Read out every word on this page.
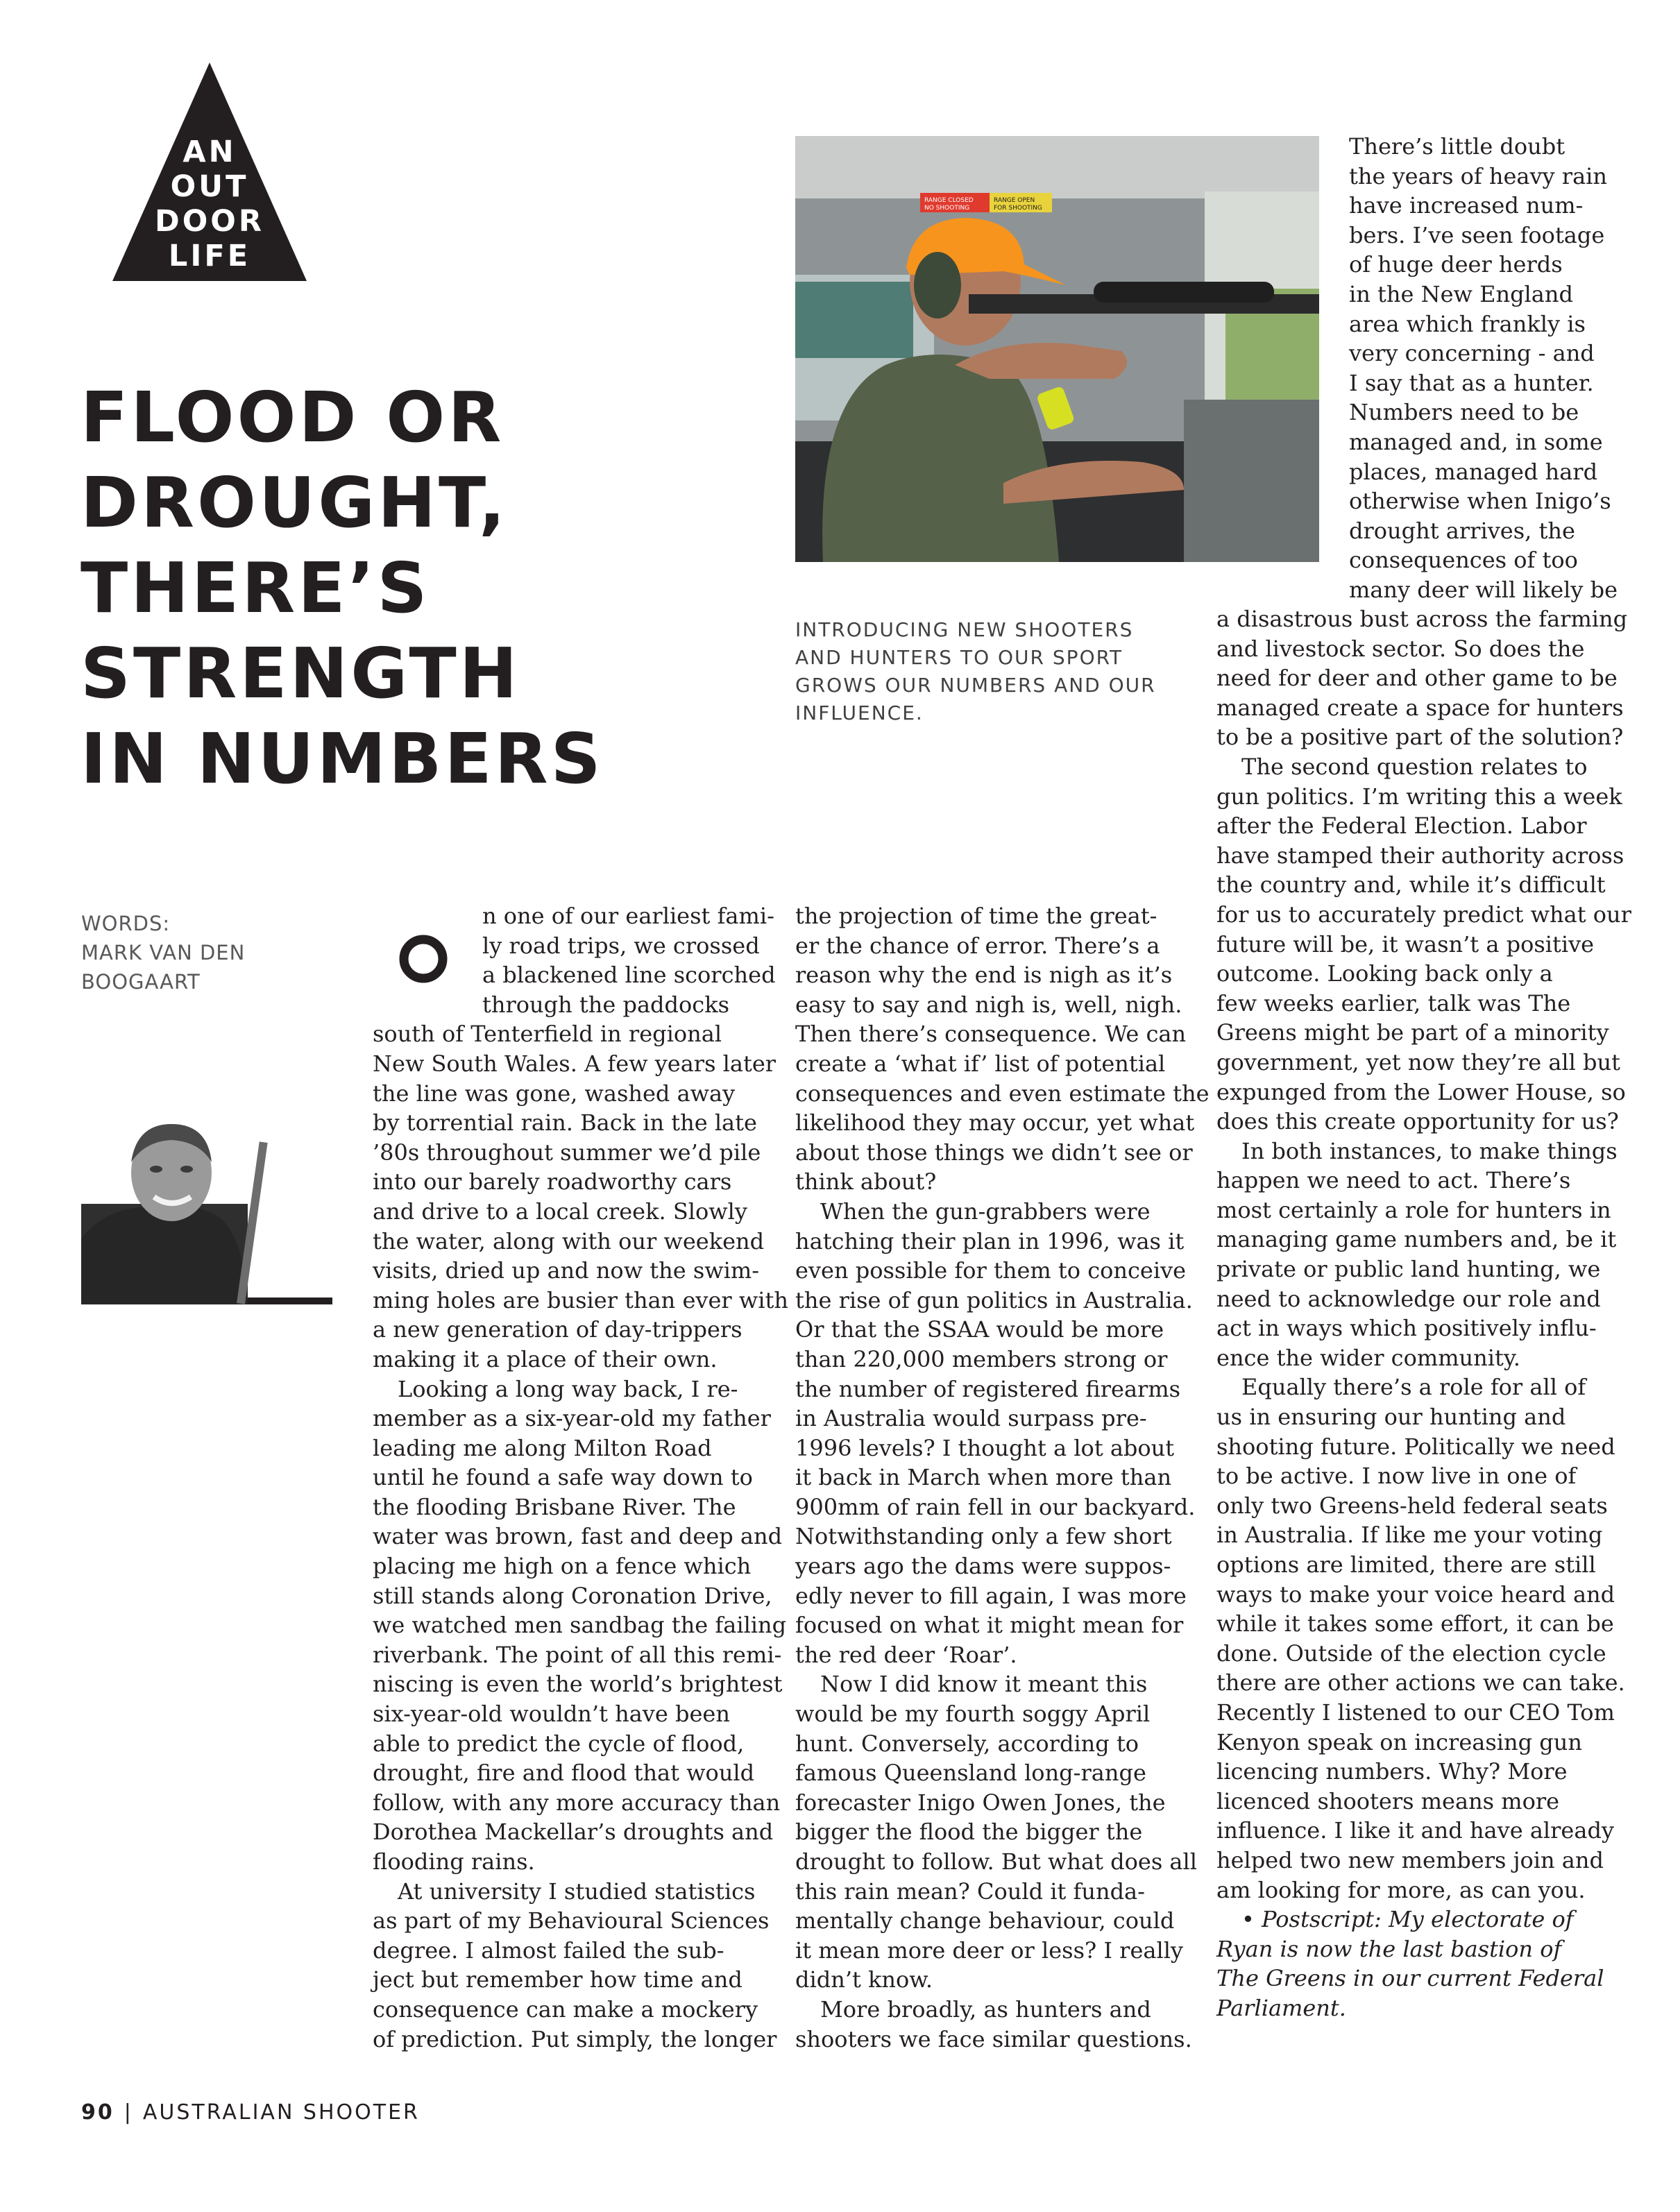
AN
OUT
DOOR
LIFE
FLOOD OR
DROUGHT,
THERE’S
STRENGTH
IN NUMBERS
WORDS:
MARK VAN DEN
BOOGAART
RANGE CLOSED
NO SHOOTING
RANGE OPEN
FOR SHOOTING
INTRODUCING NEW SHOOTERS
AND HUNTERS TO OUR SPORT
GROWS OUR NUMBERS AND OUR
INFLUENCE.
O
n one of our earliest fami-
ly road trips, we crossed
a blackened line scorched
through the paddocks
south of Tenterfield in regional
New South Wales. A few years later
the line was gone, washed away
by torrential rain. Back in the late
’80s throughout summer we’d pile
into our barely roadworthy cars
and drive to a local creek. Slowly
the water, along with our weekend
visits, dried up and now the swim-
ming holes are busier than ever with
a new generation of day-trippers
making it a place of their own.
Looking a long way back, I re-
member as a six-year-old my father
leading me along Milton Road
until he found a safe way down to
the flooding Brisbane River. The
water was brown, fast and deep and
placing me high on a fence which
still stands along Coronation Drive,
we watched men sandbag the failing
riverbank. The point of all this remi-
niscing is even the world’s brightest
six-year-old wouldn’t have been
able to predict the cycle of flood,
drought, fire and flood that would
follow, with any more accuracy than
Dorothea Mackellar’s droughts and
flooding rains.
At university I studied statistics
as part of my Behavioural Sciences
degree. I almost failed the sub-
ject but remember how time and
consequence can make a mockery
of prediction. Put simply, the longer
the projection of time the great-
er the chance of error. There’s a
reason why the end is nigh as it’s
easy to say and nigh is, well, nigh.
Then there’s consequence. We can
create a ‘what if’ list of potential
consequences and even estimate the
likelihood they may occur, yet what
about those things we didn’t see or
think about?
When the gun-grabbers were
hatching their plan in 1996, was it
even possible for them to conceive
the rise of gun politics in Australia.
Or that the SSAA would be more
than 220,000 members strong or
the number of registered firearms
in Australia would surpass pre-
1996 levels? I thought a lot about
it back in March when more than
900mm of rain fell in our backyard.
Notwithstanding only a few short
years ago the dams were suppos-
edly never to fill again, I was more
focused on what it might mean for
the red deer ‘Roar’.
Now I did know it meant this
would be my fourth soggy April
hunt. Conversely, according to
famous Queensland long-range
forecaster Inigo Owen Jones, the
bigger the flood the bigger the
drought to follow. But what does all
this rain mean? Could it funda-
mentally change behaviour, could
it mean more deer or less? I really
didn’t know.
More broadly, as hunters and
shooters we face similar questions.
There’s little doubt
the years of heavy rain
have increased num-
bers. I’ve seen footage
of huge deer herds
in the New England
area which frankly is
very concerning - and
I say that as a hunter.
Numbers need to be
managed and, in some
places, managed hard
otherwise when Inigo’s
drought arrives, the
consequences of too
many deer will likely be
a disastrous bust across the farming
and livestock sector. So does the
need for deer and other game to be
managed create a space for hunters
to be a positive part of the solution?
The second question relates to
gun politics. I’m writing this a week
after the Federal Election. Labor
have stamped their authority across
the country and, while it’s difficult
for us to accurately predict what our
future will be, it wasn’t a positive
outcome. Looking back only a
few weeks earlier, talk was The
Greens might be part of a minority
government, yet now they’re all but
expunged from the Lower House, so
does this create opportunity for us?
In both instances, to make things
happen we need to act. There’s
most certainly a role for hunters in
managing game numbers and, be it
private or public land hunting, we
need to acknowledge our role and
act in ways which positively influ-
ence the wider community.
Equally there’s a role for all of
us in ensuring our hunting and
shooting future. Politically we need
to be active. I now live in one of
only two Greens-held federal seats
in Australia. If like me your voting
options are limited, there are still
ways to make your voice heard and
while it takes some effort, it can be
done. Outside of the election cycle
there are other actions we can take.
Recently I listened to our CEO Tom
Kenyon speak on increasing gun
licencing numbers. Why? More
licenced shooters means more
influence. I like it and have already
helped two new members join and
am looking for more, as can you.
• Postscript: My electorate of
Ryan is now the last bastion of
The Greens in our current Federal
Parliament.
90 | AUSTRALIAN SHOOTER
